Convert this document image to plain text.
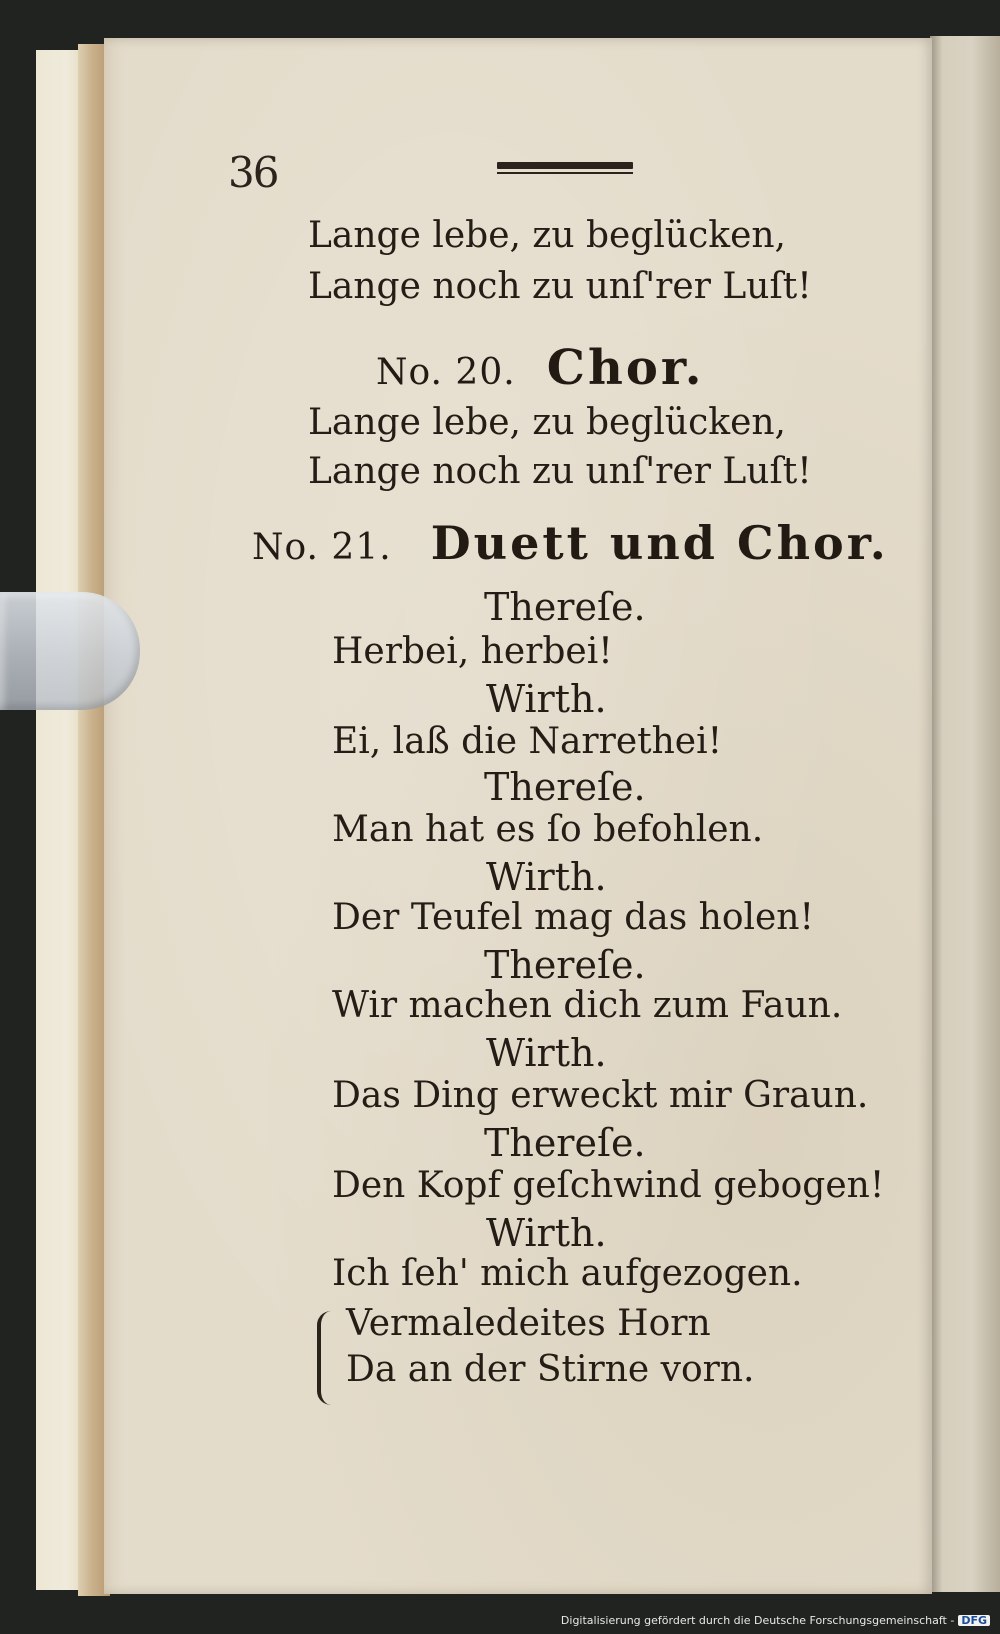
36
Lange lebe, zu beglücken,
Lange noch zu unſ'rer Luſt!
No. 20. Chor.
Lange lebe, zu beglücken,
Lange noch zu unſ'rer Luſt!
No. 21. Duett und Chor.
Thereſe.
Herbei, herbei!
Wirth.
Ei, laß die Narrethei!
Thereſe.
Man hat es ſo befohlen.
Wirth.
Der Teufel mag das holen!
Thereſe.
Wir machen dich zum Faun.
Wirth.
Das Ding erweckt mir Graun.
Thereſe.
Den Kopf geſchwind gebogen!
Wirth.
Ich ſeh' mich aufgezogen.
Vermaledeites Horn
Da an der Stirne vorn.
Digitalisierung gefördert durch die Deutsche Forschungsgemeinschaft - DFG
